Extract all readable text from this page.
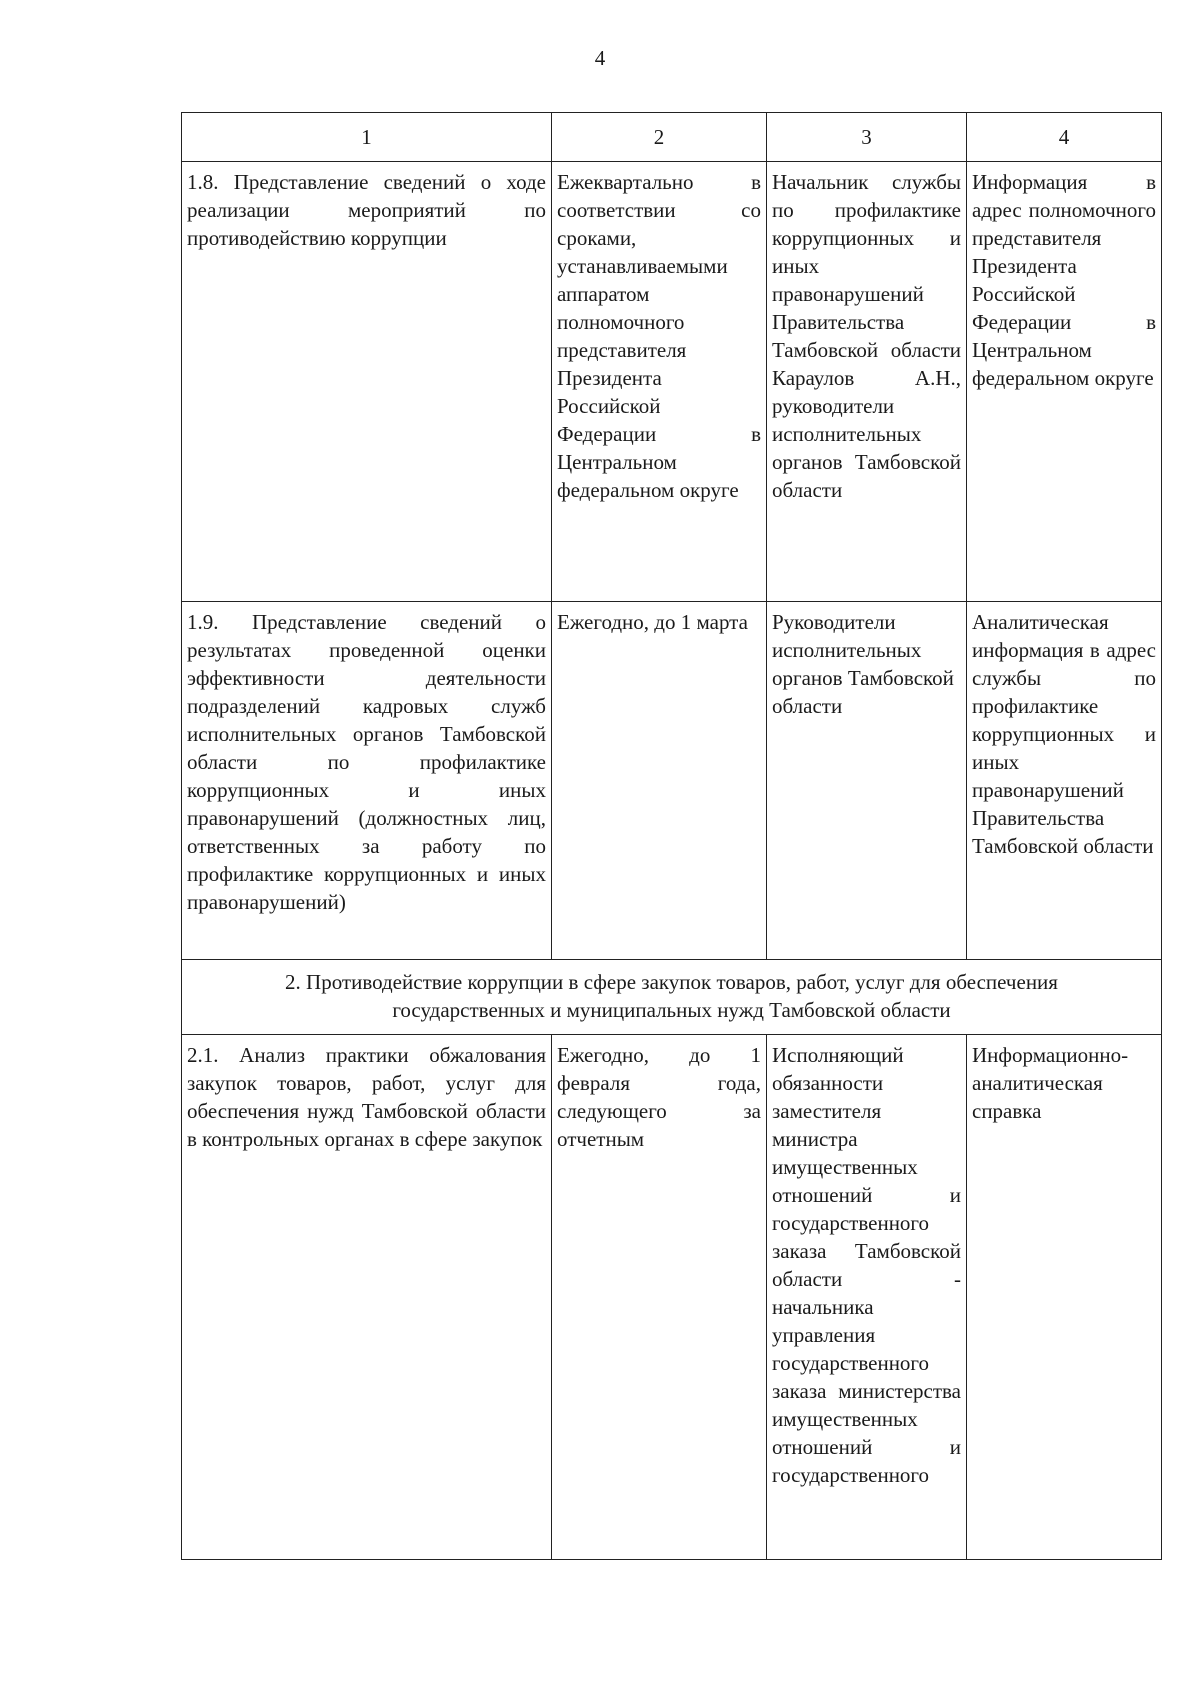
4
1	2	3	4
1.8. Представление сведений о ходе реализации мероприятий по противодействию коррупции	Ежеквартально в соответствии со сроками, устанавливаемыми аппаратом полномочного представителя Президента Российской Федерации в Центральном федеральном округе	Начальник службы по профилактике коррупционных и иных правонарушений Правительства Тамбовской области Караулов А.Н., руководители исполнительных органов Тамбовской области	Информация в адрес полномочного представителя Президента Российской Федерации в Центральном федеральном округе
1.9. Представление сведений о результатах проведенной оценки эффективности деятельности подразделений кадровых служб исполнительных органов Тамбовской области по профилактике коррупционных и иных правонарушений (должностных лиц, ответственных за работу по профилактике коррупционных и иных правонарушений)	Ежегодно, до 1 марта	Руководители исполнительных органов Тамбовской области	Аналитическая информация в адрес службы по профилактике коррупционных и иных правонарушений Правительства Тамбовской области
2. Противодействие коррупции в сфере закупок товаров, работ, услуг для обеспечения государственных и муниципальных нужд Тамбовской области			
2.1. Анализ практики обжалования закупок товаров, работ, услуг для обеспечения нужд Тамбовской области в контрольных органах в сфере закупок	Ежегодно, до 1 февраля года, следующего за отчетным	Исполняющий обязанности заместителя министра имущественных отношений и государственного заказа Тамбовской области - начальника управления государственного заказа министерства имущественных отношений и государственного	Информационно-аналитическая справка
